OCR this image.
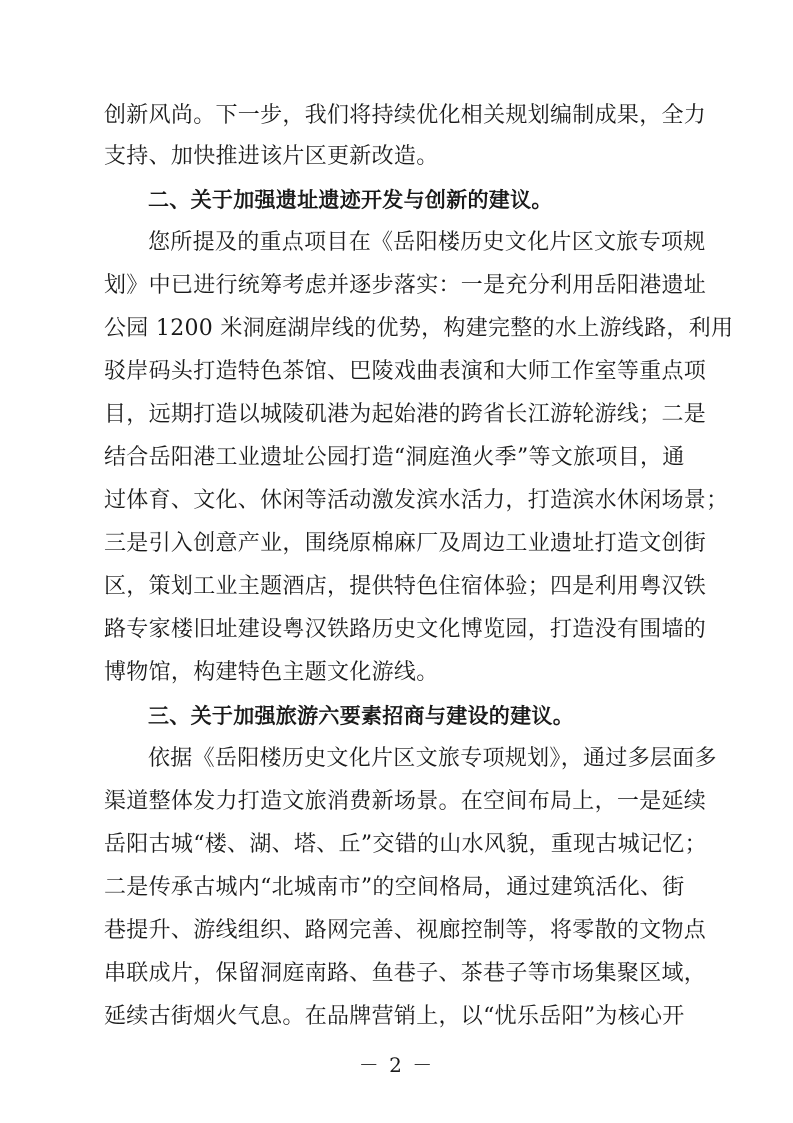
创新风尚。下一步，我们将持续优化相关规划编制成果，全力
支持、加快推进该片区更新改造。
二、关于加强遗址遗迹开发与创新的建议。
您所提及的重点项目在《岳阳楼历史文化片区文旅专项规
划》中已进行统筹考虑并逐步落实：一是充分利用岳阳港遗址
公园 1200 米洞庭湖岸线的优势，构建完整的水上游线路，利用
驳岸码头打造特色茶馆、巴陵戏曲表演和大师工作室等重点项
目，远期打造以城陵矶港为起始港的跨省长江游轮游线；二是
结合岳阳港工业遗址公园打造“洞庭渔火季”等文旅项目，通
过体育、文化、休闲等活动激发滨水活力，打造滨水休闲场景；
三是引入创意产业，围绕原棉麻厂及周边工业遗址打造文创街
区，策划工业主题酒店，提供特色住宿体验；四是利用粤汉铁
路专家楼旧址建设粤汉铁路历史文化博览园，打造没有围墙的
博物馆，构建特色主题文化游线。
三、关于加强旅游六要素招商与建设的建议。
依据《岳阳楼历史文化片区文旅专项规划》，通过多层面多
渠道整体发力打造文旅消费新场景。在空间布局上，一是延续
岳阳古城“楼、湖、塔、丘”交错的山水风貌，重现古城记忆；
二是传承古城内“北城南市”的空间格局，通过建筑活化、街
巷提升、游线组织、路网完善、视廊控制等，将零散的文物点
串联成片，保留洞庭南路、鱼巷子、茶巷子等市场集聚区域，
延续古街烟火气息。在品牌营销上，以“忧乐岳阳”为核心开
－ 2 －
